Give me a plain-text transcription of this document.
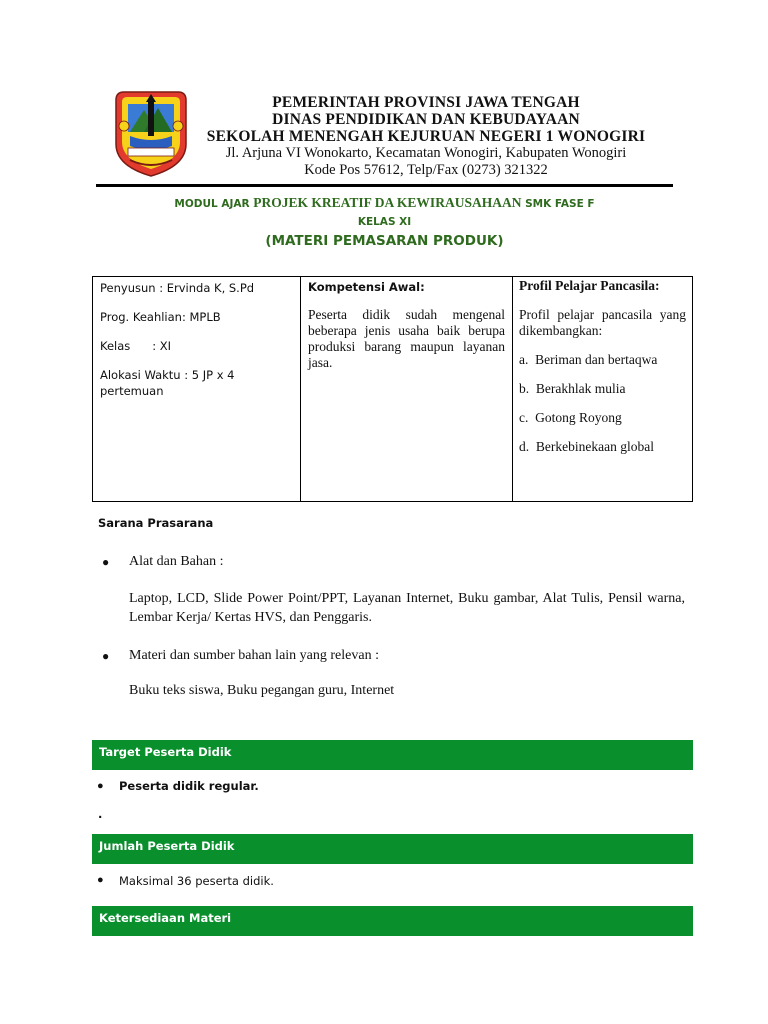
PEMERINTAH PROVINSI JAWA TENGAH
DINAS PENDIDIKAN DAN KEBUDAYAAN
SEKOLAH MENENGAH KEJURUAN NEGERI 1 WONOGIRI
Jl. Arjuna VI Wonokarto, Kecamatan Wonogiri, Kabupaten Wonogiri
Kode Pos 57612, Telp/Fax (0273) 321322
MODUL AJAR PROJEK KREATIF DA KEWIRAUSAHAAN SMK FASE F
KELAS XI
(MATERI PEMASARAN PRODUK)
Penyusun : Ervinda K, S.Pd
Prog. Keahlian: MPLB
Kelas      : XI
Alokasi Waktu : 5 JP x 4 pertemuan
Kompetensi Awal:
Peserta didik sudah mengenal beberapa jenis usaha baik berupa produksi barang maupun layanan jasa.
Profil Pelajar Pancasila:
Profil pelajar pancasila yang dikembangkan:
a.  Beriman dan bertaqwa
b.  Berakhlak mulia
c.  Gotong Royong
d.  Berkebinekaan global
Sarana Prasarana
● Alat dan Bahan :
Laptop, LCD, Slide Power Point/PPT, Layanan Internet, Buku gambar, Alat Tulis, Pensil warna, Lembar Kerja/ Kertas HVS, dan Penggaris.
● Materi dan sumber bahan lain yang relevan :
Buku teks siswa, Buku pegangan guru, Internet
Target Peserta Didik
● Peserta didik regular.
.
Jumlah Peserta Didik
● Maksimal 36 peserta didik.
Ketersediaan Materi
